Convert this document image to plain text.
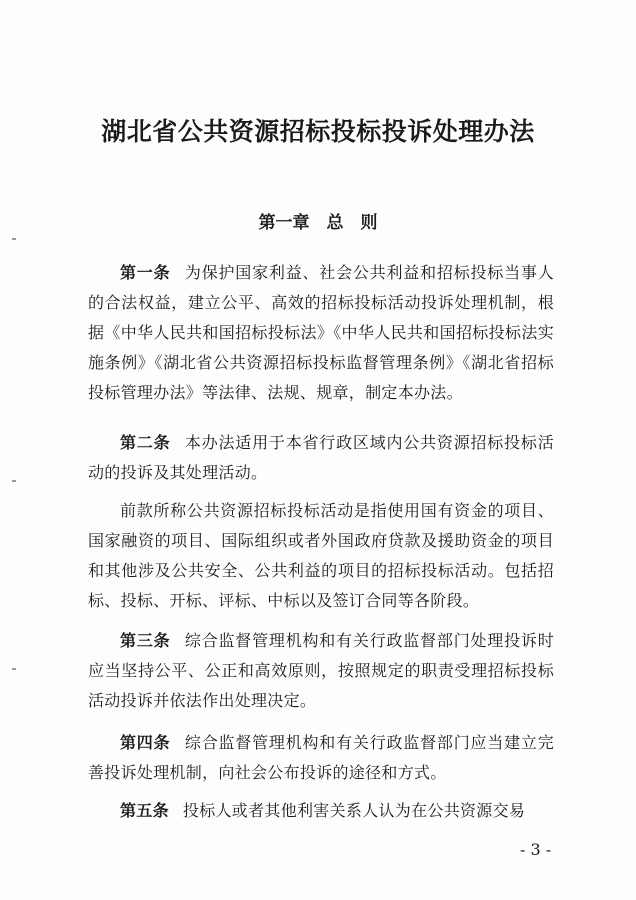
湖北省公共资源招标投标投诉处理办法
第一章　总　则

第一条 为保护国家利益、社会公共利益和招标投标当事人的合法权益，建立公平、高效的招标投标活动投诉处理机制，根据《中华人民共和国招标投标法》《中华人民共和国招标投标法实施条例》《湖北省公共资源招标投标监督管理条例》《湖北省招标投标管理办法》等法律、法规、规章，制定本办法。

第二条 本办法适用于本省行政区域内公共资源招标投标活动的投诉及其处理活动。

前款所称公共资源招标投标活动是指使用国有资金的项目、国家融资的项目、国际组织或者外国政府贷款及援助资金的项目和其他涉及公共安全、公共利益的项目的招标投标活动。包括招标、投标、开标、评标、中标以及签订合同等各阶段。

第三条 综合监督管理机构和有关行政监督部门处理投诉时应当坚持公平、公正和高效原则，按照规定的职责受理招标投标活动投诉并依法作出处理决定。

第四条 综合监督管理机构和有关行政监督部门应当建立完善投诉处理机制，向社会公布投诉的途径和方式。

第五条 投标人或者其他利害关系人认为在公共资源交易

- 3 -
